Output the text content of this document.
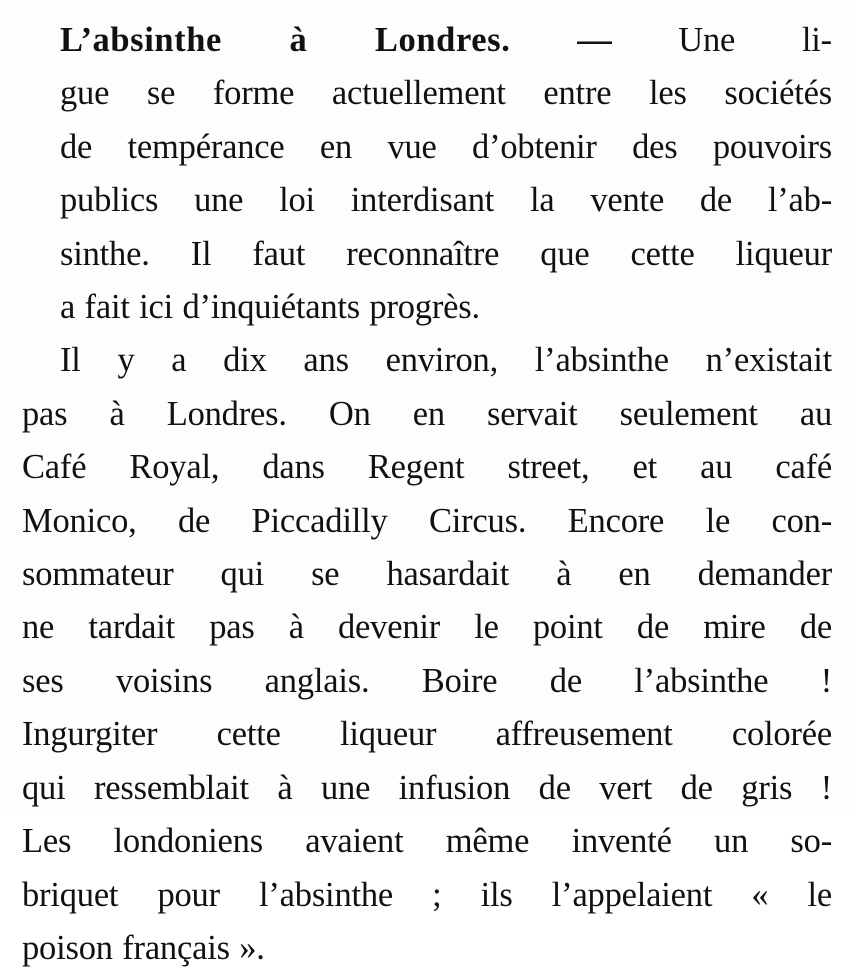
L’absinthe à Londres. — Une li-
gue se forme actuellement entre les sociétés
de tempérance en vue d’obtenir des pouvoirs
publics une loi interdisant la vente de l’ab-
sinthe. Il faut reconnaître que cette liqueur
a fait ici d’inquiétants progrès.
Il y a dix ans environ, l’absinthe n’existait
pas à Londres. On en servait seulement au
Café Royal, dans Regent street, et au café
Monico, de Piccadilly Circus. Encore le con-
sommateur qui se hasardait à en demander
ne tardait pas à devenir le point de mire de
ses voisins anglais. Boire de l’absinthe !
Ingurgiter cette liqueur affreusement colorée
qui ressemblait à une infusion de vert de gris !
Les londoniens avaient même inventé un so-
briquet pour l’absinthe ; ils l’appelaient « le
poison français ».
